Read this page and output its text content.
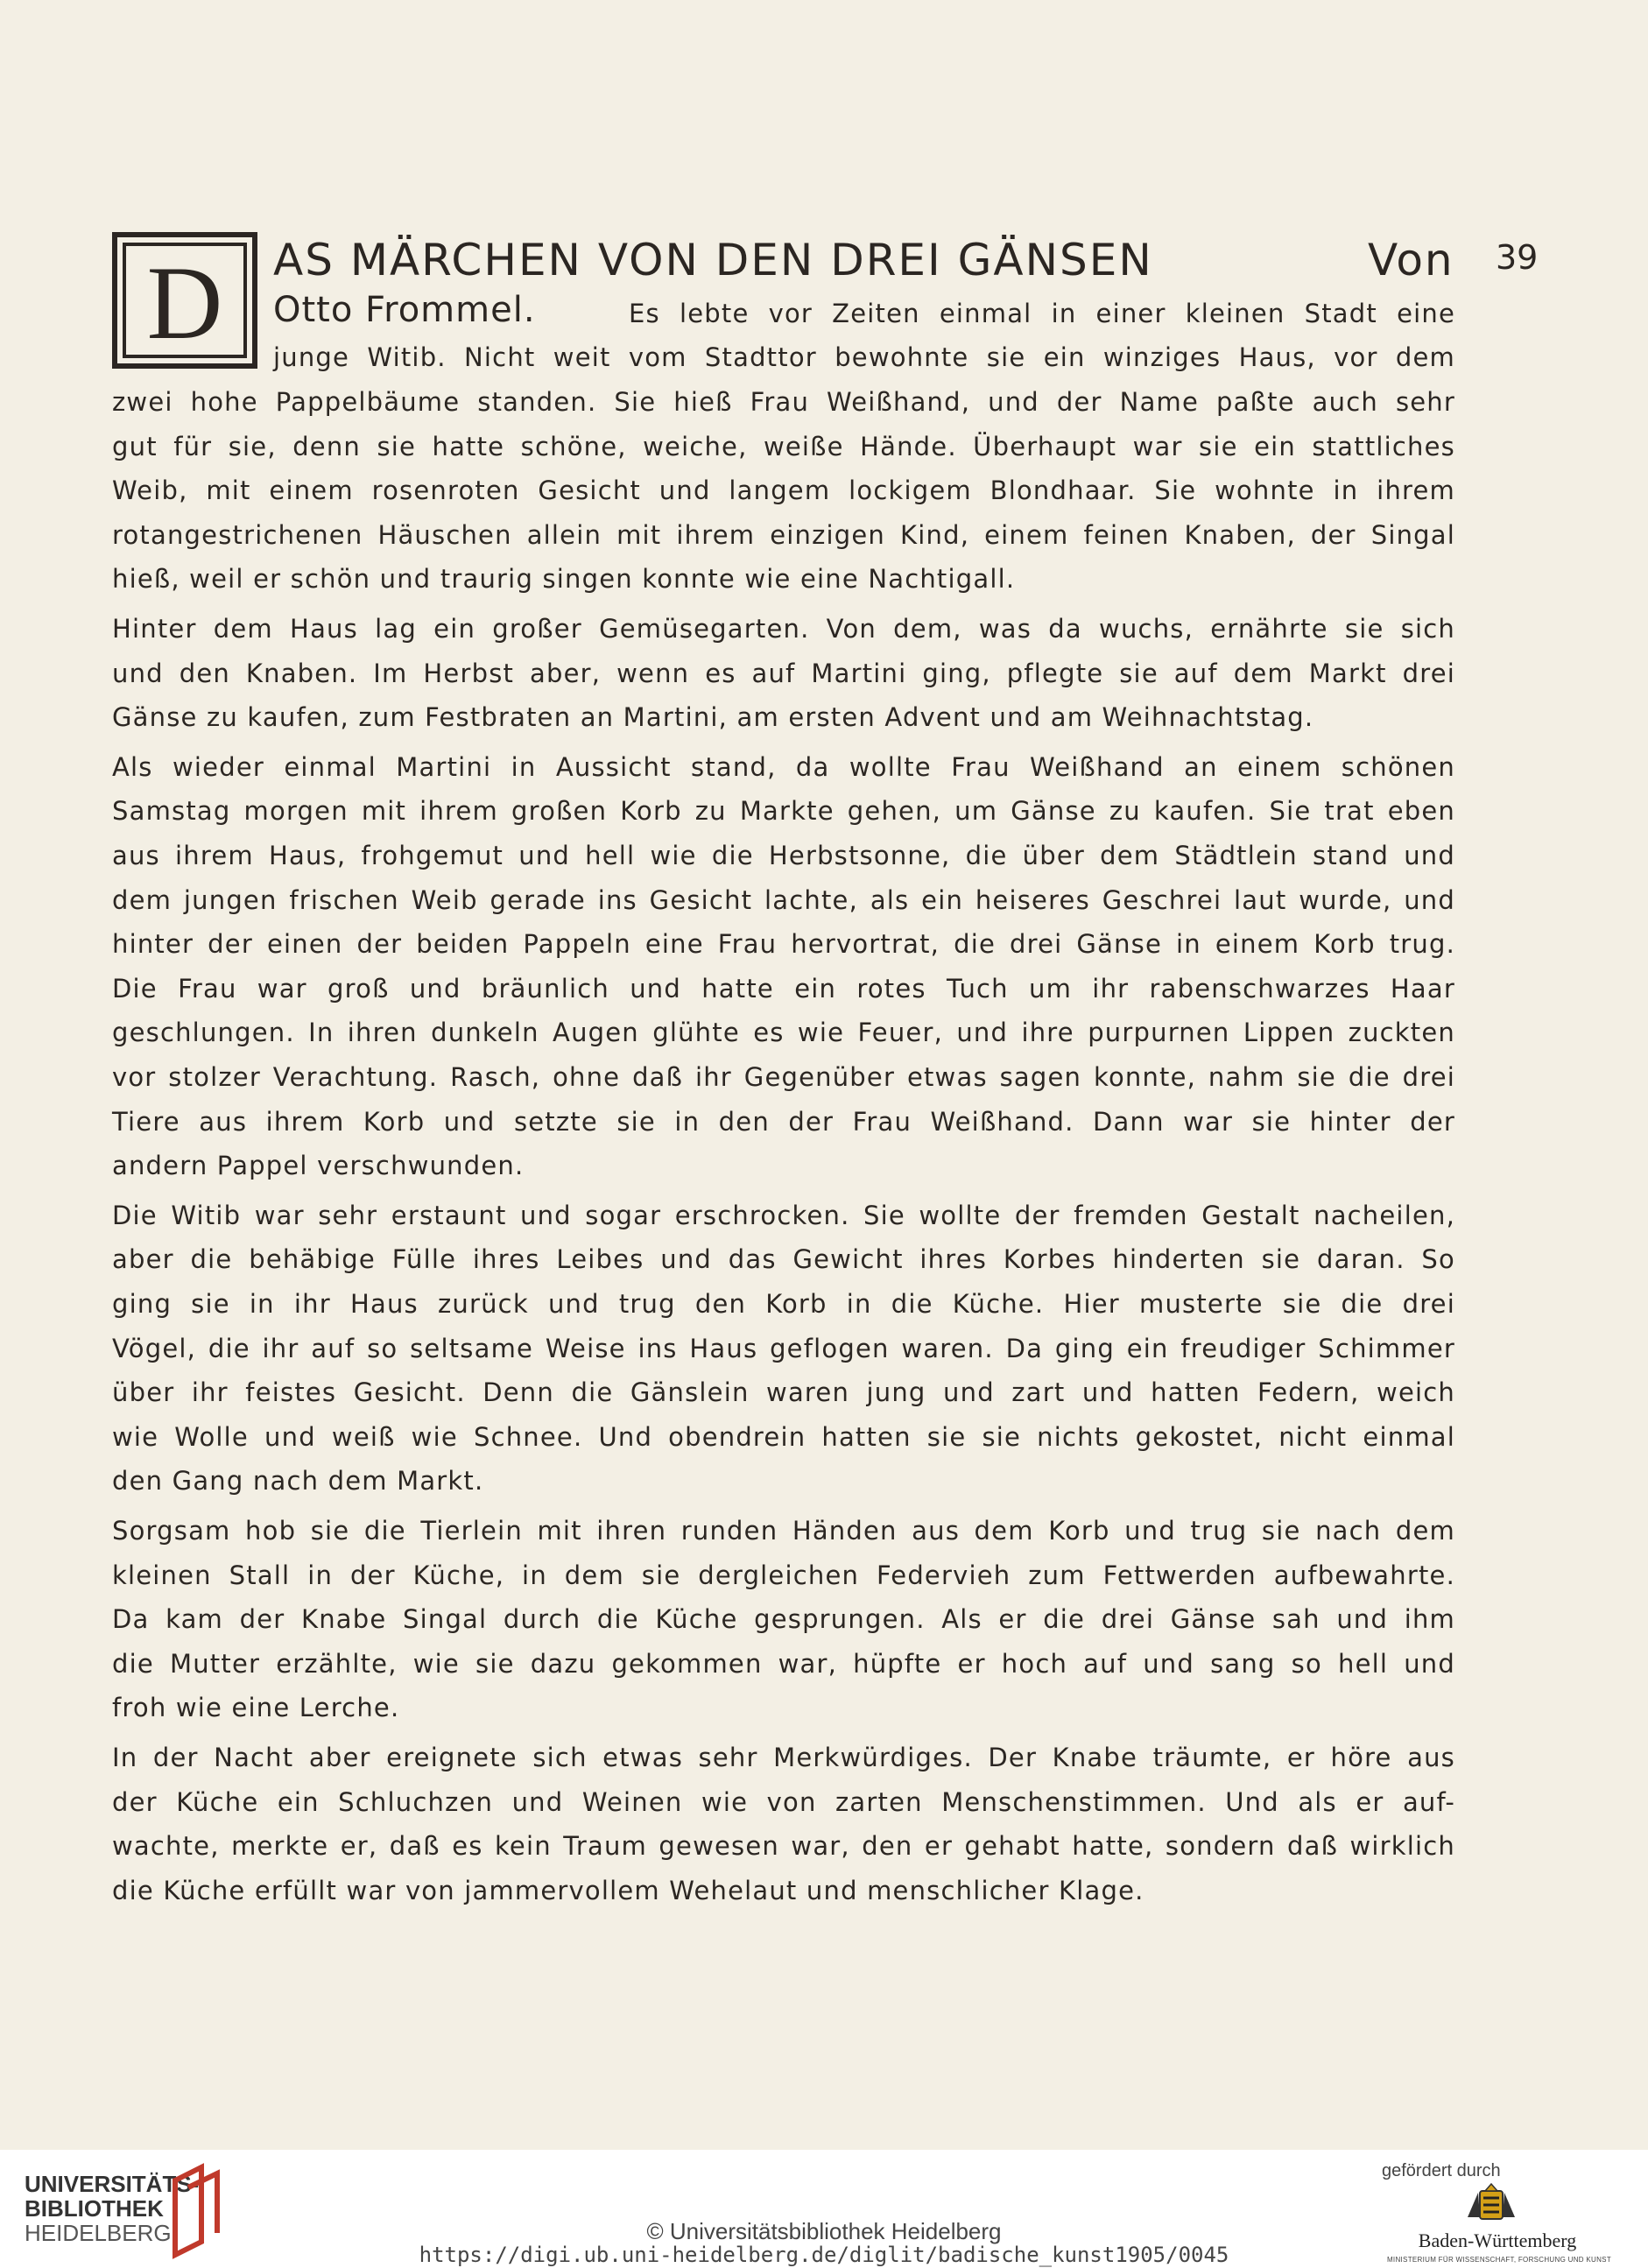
D AS MÄRCHEN VON DEN DREI GÄNSEN	Von 39
Otto Frommel.	Es lebte vor Zeiten einmal in einer kleinen Stadt eine
junge Witib. Nicht weit vom Stadttor bewohnte sie ein winziges Haus, vor dem
zwei hohe Pappelbäume standen. Sie hieß Frau Weißhand, und der Name paßte auch sehr
gut für sie, denn sie hatte schöne, weiche, weiße Hände. Überhaupt war sie ein stattliches
Weib, mit einem rosenroten Gesicht und langem lockigem Blondhaar. Sie wohnte in ihrem
rotangestrichenen Häuschen allein mit ihrem einzigen Kind, einem feinen Knaben, der Singal
hieß, weil er schön und traurig singen konnte wie eine Nachtigall.
Hinter dem Haus lag ein großer Gemüsegarten. Von dem, was da wuchs, ernährte sie sich
und den Knaben. Im Herbst aber, wenn es auf Martini ging, pflegte sie auf dem Markt drei
Gänse zu kaufen, zum Festbraten an Martini, am ersten Advent und am Weihnachtstag.
Als wieder einmal Martini in Aussicht stand, da wollte Frau Weißhand an einem schönen
Samstag morgen mit ihrem großen Korb zu Markte gehen, um Gänse zu kaufen. Sie trat eben
aus ihrem Haus, frohgemut und hell wie die Herbstsonne, die über dem Städtlein stand und
dem jungen frischen Weib gerade ins Gesicht lachte, als ein heiseres Geschrei laut wurde, und
hinter der einen der beiden Pappeln eine Frau hervortrat, die drei Gänse in einem Korb trug.
Die Frau war groß und bräunlich und hatte ein rotes Tuch um ihr rabenschwarzes Haar
geschlungen. In ihren dunkeln Augen glühte es wie Feuer, und ihre purpurnen Lippen zuckten
vor stolzer Verachtung. Rasch, ohne daß ihr Gegenüber etwas sagen konnte, nahm sie die drei
Tiere aus ihrem Korb und setzte sie in den der Frau Weißhand. Dann war sie hinter der
andern Pappel verschwunden.
Die Witib war sehr erstaunt und sogar erschrocken. Sie wollte der fremden Gestalt nacheilen,
aber die behäbige Fülle ihres Leibes und das Gewicht ihres Korbes hinderten sie daran. So
ging sie in ihr Haus zurück und trug den Korb in die Küche. Hier musterte sie die drei
Vögel, die ihr auf so seltsame Weise ins Haus geflogen waren. Da ging ein freudiger Schimmer
über ihr feistes Gesicht. Denn die Gänslein waren jung und zart und hatten Federn, weich
wie Wolle und weiß wie Schnee. Und obendrein hatten sie sie nichts gekostet, nicht einmal
den Gang nach dem Markt.
Sorgsam hob sie die Tierlein mit ihren runden Händen aus dem Korb und trug sie nach dem
kleinen Stall in der Küche, in dem sie dergleichen Federvieh zum Fettwerden aufbewahrte.
Da kam der Knabe Singal durch die Küche gesprungen. Als er die drei Gänse sah und ihm
die Mutter erzählte, wie sie dazu gekommen war, hüpfte er hoch auf und sang so hell und
froh wie eine Lerche.
In der Nacht aber ereignete sich etwas sehr Merkwürdiges. Der Knabe träumte, er höre aus
der Küche ein Schluchzen und Weinen wie von zarten Menschenstimmen. Und als er auf-
wachte, merkte er, daß es kein Traum gewesen war, den er gehabt hatte, sondern daß wirklich
die Küche erfüllt war von jammervollem Wehelaut und menschlicher Klage.
UNIVERSITÄTS-
BIBLIOTHEK
HEIDELBERG	© Universitätsbibliothek Heidelberg
https://digi.ub.uni-heidelberg.de/diglit/badische_kunst1905/0045
gefördert durch
Baden-Württemberg
MINISTERIUM FÜR WISSENSCHAFT, FORSCHUNG UND KUNST
